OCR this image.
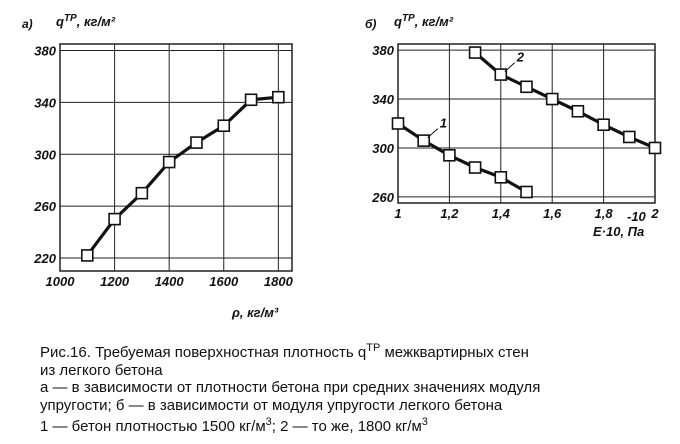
1000 1200 1400 1600 1800
220
260
300
340
380
а) $q^{TP}$, кг/м²
ρ, кг/м³
1	1,2	1,4	1,6	1,8	2
260
300
340
380
б) $q^{TP}$, кг/м²
E·10, Па
-10
1
2
Рис.16. Требуемая поверхностная плотность $q^{TP}$ межквартирных стен
из легкого бетона
а — в зависимости от плотности бетона при средних значениях модуля
упругости; б — в зависимости от модуля упругости легкого бетона
1 — бетон плотностью 1500 $кг/м^3$; 2 — то же, 1800 $кг/м^3$
